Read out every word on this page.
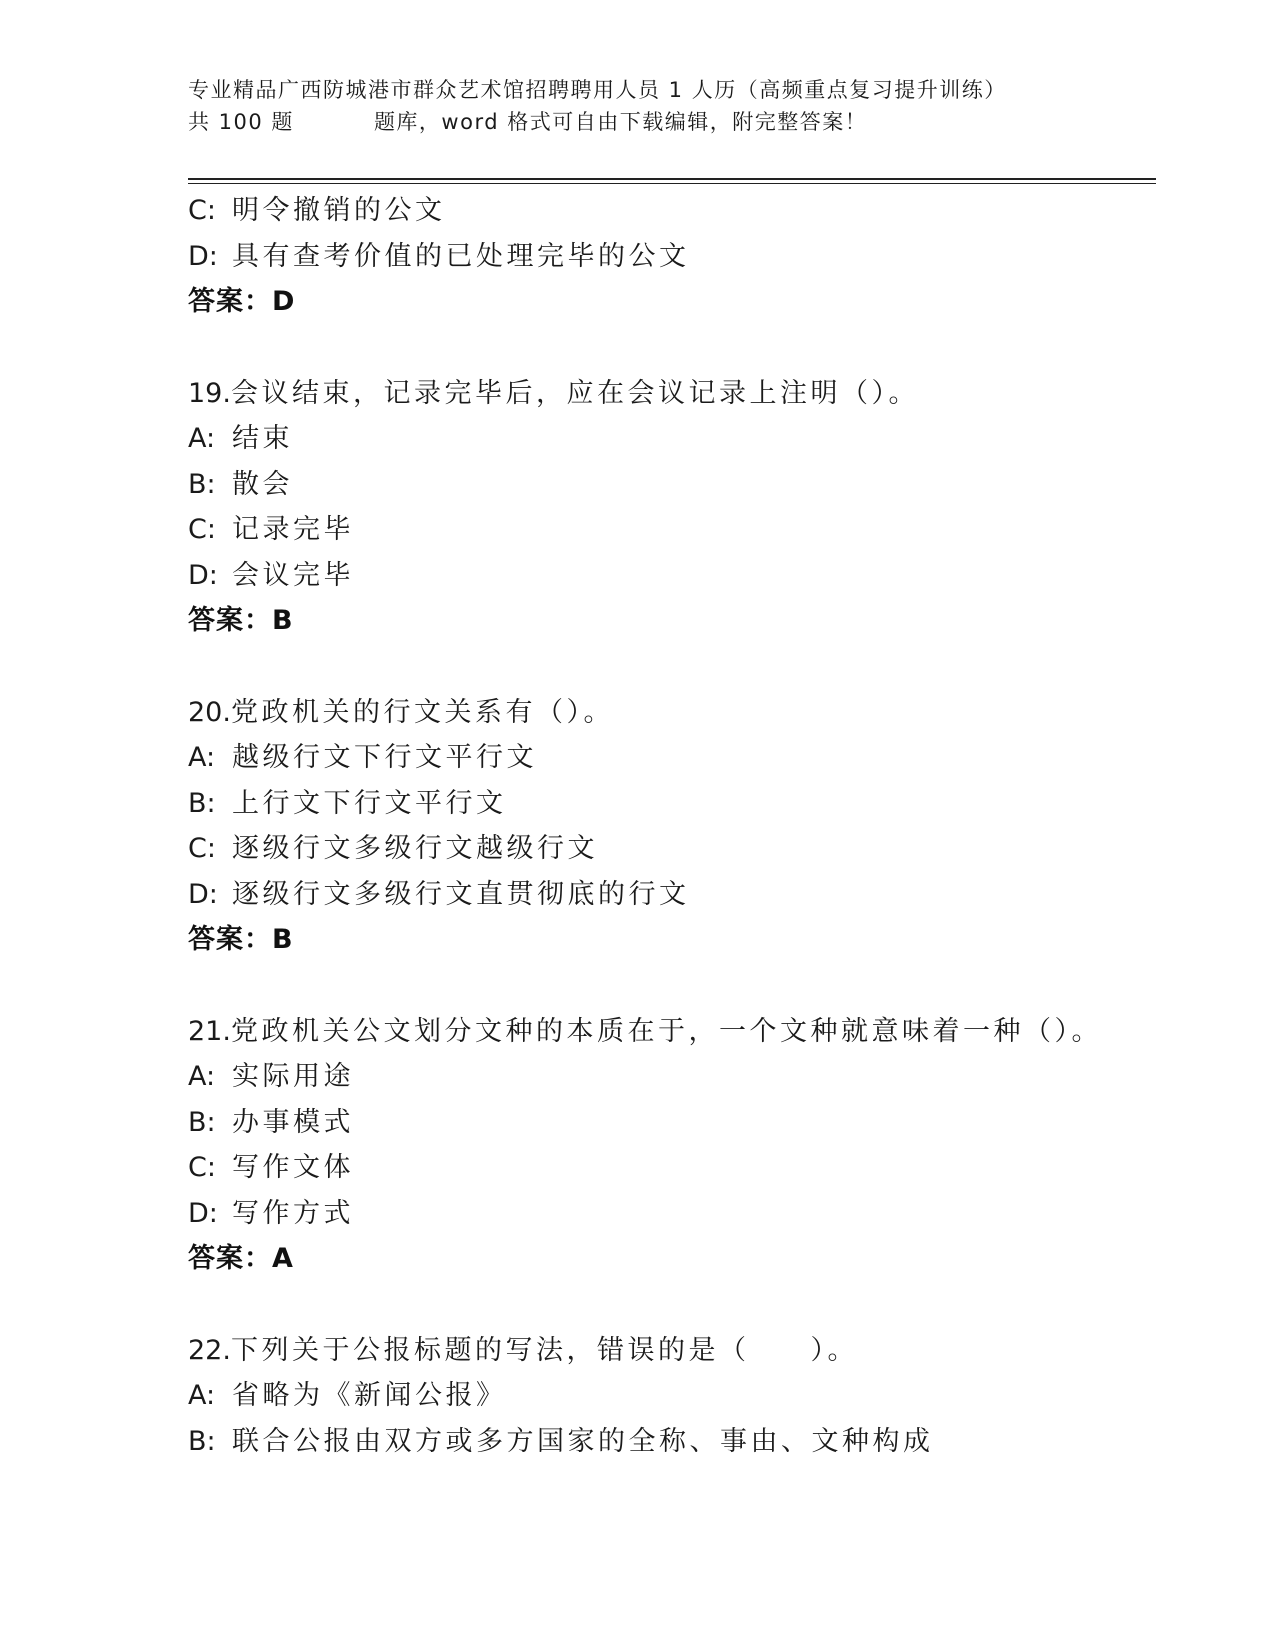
专业精品广西防城港市群众艺术馆招聘聘用人员 1 人历（高频重点复习提升训练）
共 100 题	题库，word 格式可自由下载编辑，附完整答案！
C: 明令撤销的公文
D: 具有查考价值的已处理完毕的公文
答案：D
19.会议结束，记录完毕后，应在会议记录上注明（）。
A: 结束
B: 散会
C: 记录完毕
D: 会议完毕
答案：B
20.党政机关的行文关系有（）。
A: 越级行文下行文平行文
B: 上行文下行文平行文
C: 逐级行文多级行文越级行文
D: 逐级行文多级行文直贯彻底的行文
答案：B
21.党政机关公文划分文种的本质在于，一个文种就意味着一种（）。
A: 实际用途
B: 办事模式
C: 写作文体
D: 写作方式
答案：A
22.下列关于公报标题的写法，错误的是（　　）。
A: 省略为《新闻公报》
B: 联合公报由双方或多方国家的全称、事由、文种构成
